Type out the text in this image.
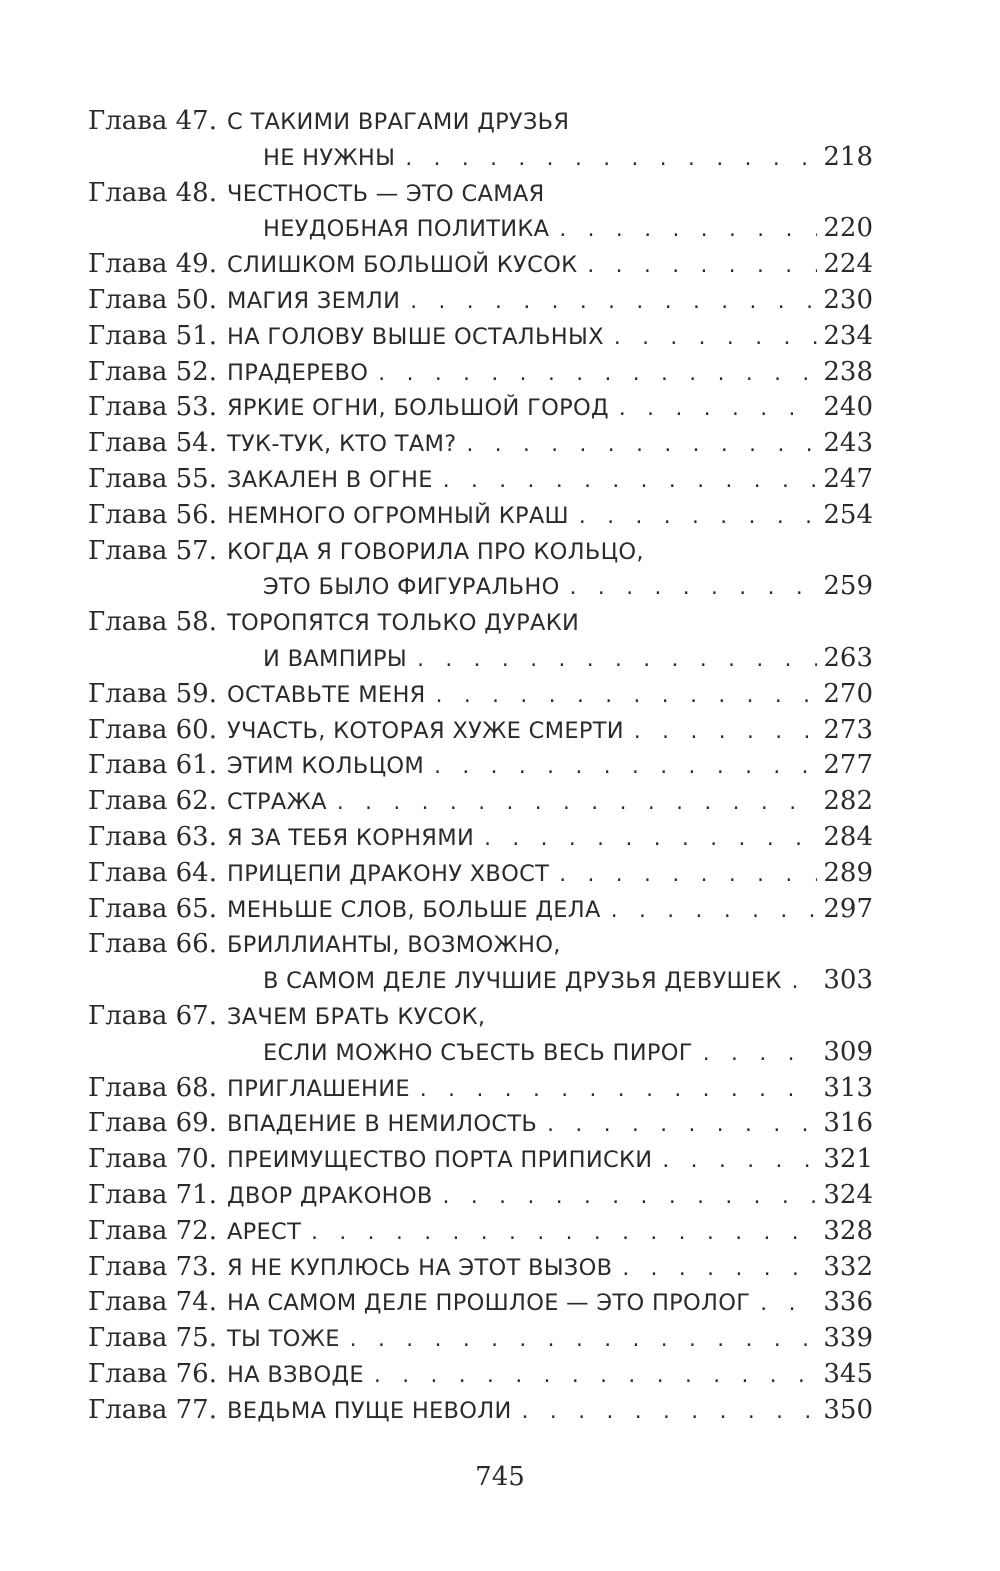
Глава 47. С ТАКИМИ ВРАГАМИ ДРУЗЬЯ
НЕ НУЖНЫ . . .	218
Глава 48. ЧЕСТНОСТЬ — ЭТО САМАЯ
НЕУДОБНАЯ ПОЛИТИКА . . .	220
Глава 49. СЛИШКОМ БОЛЬШОЙ КУСОК . . .	224
Глава 50. МАГИЯ ЗЕМЛИ . . .	230
Глава 51. НА ГОЛОВУ ВЫШЕ ОСТАЛЬНЫХ . . .	234
Глава 52. ПРАДЕРЕВО . . .	238
Глава 53. ЯРКИЕ ОГНИ, БОЛЬШОЙ ГОРОД . . .	240
Глава 54. ТУК-ТУК, КТО ТАМ? . . .	243
Глава 55. ЗАКАЛЕН В ОГНЕ . . .	247
Глава 56. НЕМНОГО ОГРОМНЫЙ КРАШ . . .	254
Глава 57. КОГДА Я ГОВОРИЛА ПРО КОЛЬЦО,
ЭТО БЫЛО ФИГУРАЛЬНО . . .	259
Глава 58. ТОРОПЯТСЯ ТОЛЬКО ДУРАКИ
И ВАМПИРЫ . . .	263
Глава 59. ОСТАВЬТЕ МЕНЯ . . .	270
Глава 60. УЧАСТЬ, КОТОРАЯ ХУЖЕ СМЕРТИ . . .	273
Глава 61. ЭТИМ КОЛЬЦОМ . . .	277
Глава 62. СТРАЖА . . .	282
Глава 63. Я ЗА ТЕБЯ КОРНЯМИ . . .	284
Глава 64. ПРИЦЕПИ ДРАКОНУ ХВОСТ . . .	289
Глава 65. МЕНЬШЕ СЛОВ, БОЛЬШЕ ДЕЛА . . .	297
Глава 66. БРИЛЛИАНТЫ, ВОЗМОЖНО,
В САМОМ ДЕЛЕ ЛУЧШИЕ ДРУЗЬЯ ДЕВУШЕК . . . 303
Глава 67. ЗАЧЕМ БРАТЬ КУСОК,
ЕСЛИ МОЖНО СЪЕСТЬ ВЕСЬ ПИРОГ . . .	309
Глава 68. ПРИГЛАШЕНИЕ . . .	313
Глава 69. ВПАДЕНИЕ В НЕМИЛОСТЬ . . .	316
Глава 70. ПРЕИМУЩЕСТВО ПОРТА ПРИПИСКИ . . .	321
Глава 71. ДВОР ДРАКОНОВ . . .	324
Глава 72. АРЕСТ . . .	328
Глава 73. Я НЕ КУПЛЮСЬ НА ЭТОТ ВЫЗОВ . . .	332
Глава 74. НА САМОМ ДЕЛЕ ПРОШЛОЕ — ЭТО ПРОЛОГ . . .	336
Глава 75. ТЫ ТОЖЕ . . .	339
Глава 76. НА ВЗВОДЕ . . .	345
Глава 77. ВЕДЬМА ПУЩЕ НЕВОЛИ . . .	350
745
